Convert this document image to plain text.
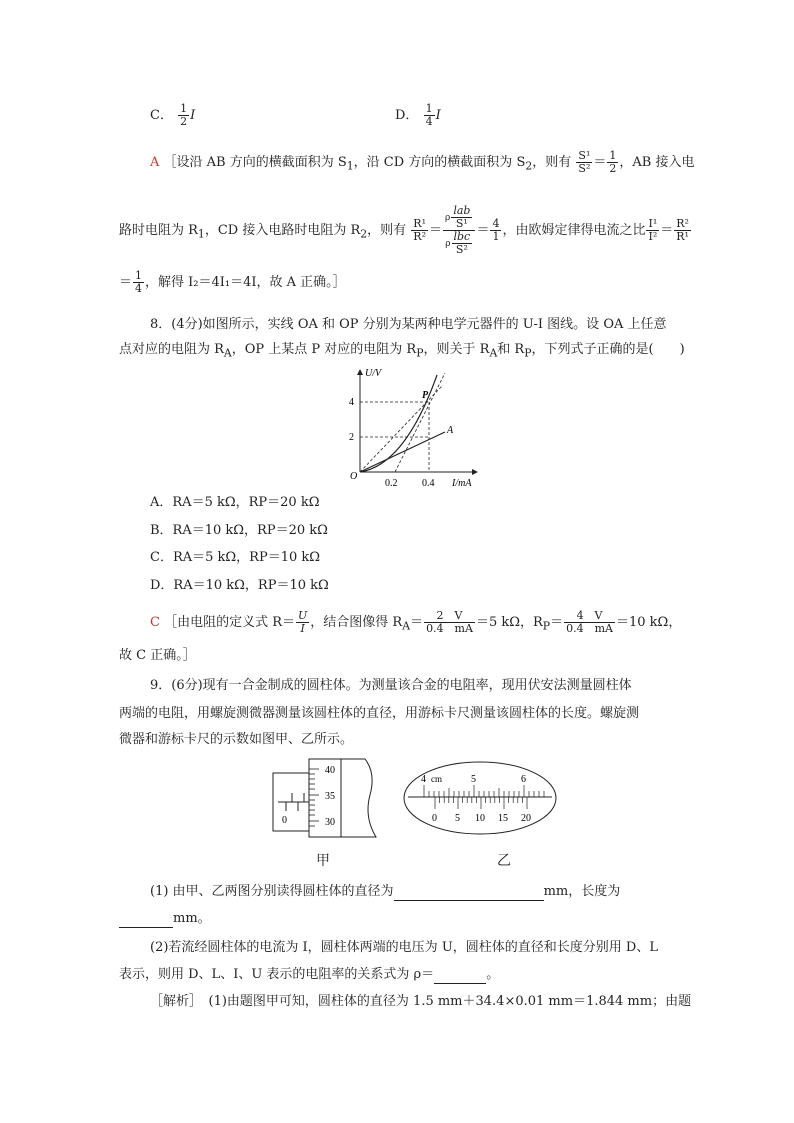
C． $\frac{1}{2}$ I	D． $\frac{1}{4}$ I
A ［设沿 AB 方向的横截面积为 $S_1$，沿 CD 方向的横截面积为 $S_2$，则有 $\frac{\text{S¹}}{\text{S²}} = \frac{1}{2}$ ，AB 接入电
路时电阻为 $R_1$，CD 接入电路时电阻为 $R_2$，则有 $\frac{\text{R¹}}{\text{R²}} = \frac{\rho \frac{\text{lab}}{\text{S¹}}}{\rho \frac{\text{lbc}}{\text{S²}}} = \frac{4}{1}$ ，由欧姆定律得电流之比 $\frac{\text{I¹}}{\text{I²}} = \frac{\text{R²}}{\text{R¹}}$
＝ $\frac{1}{4}$ ，解得 I₂＝4I₁＝4I，故 A 正确。］
8．(4分)如图所示，实线 OA 和 OP 分别为某两种电学元器件的 U-I 图线。设 OA 上任意
点对应的电阻为 $R_A$，OP 上某点 P 对应的电阻为 $R_P$，则关于 $R_A$和 $R_P$，下列式子正确的是(　　)
U/V
I/mA
O
4
2
0.2 0.4
P
A
A．RA＝5 kΩ，RP＝20 kΩ
B．RA＝10 kΩ，RP＝20 kΩ
C．RA＝5 kΩ，RP＝10 kΩ
D．RA＝10 kΩ，RP＝10 kΩ
C ［由电阻的定义式 $R= \frac{U}{I}$ ，结合图像得 $R_A= \frac{2 V}{0.4 mA} =5$ kΩ，$R_P= \frac{4 V}{0.4 mA} =10$ kΩ，
故 C 正确。］
9．(6分)现有一合金制成的圆柱体。为测量该合金的电阻率，现用伏安法测量圆柱体
两端的电阻，用螺旋测微器测量该圆柱体的直径，用游标卡尺测量该圆柱体的长度。螺旋测
微器和游标卡尺的示数如图甲、乙所示。
0
40
35
30
甲
4 cm	5	6
0 5 10 15 20
乙
(1) 由甲、乙两图分别读得圆柱体的直径为	mm，长度为
mm。
(2)若流经圆柱体的电流为 I，圆柱体两端的电压为 U，圆柱体的直径和长度分别用 D、L
表示，则用 D、L、I、U 表示的电阻率的关系式为 ρ＝	。
［解析］　(1)由题图甲可知，圆柱体的直径为 1.5 mm＋34.4×0.01 mm＝1.844 mm；由题
